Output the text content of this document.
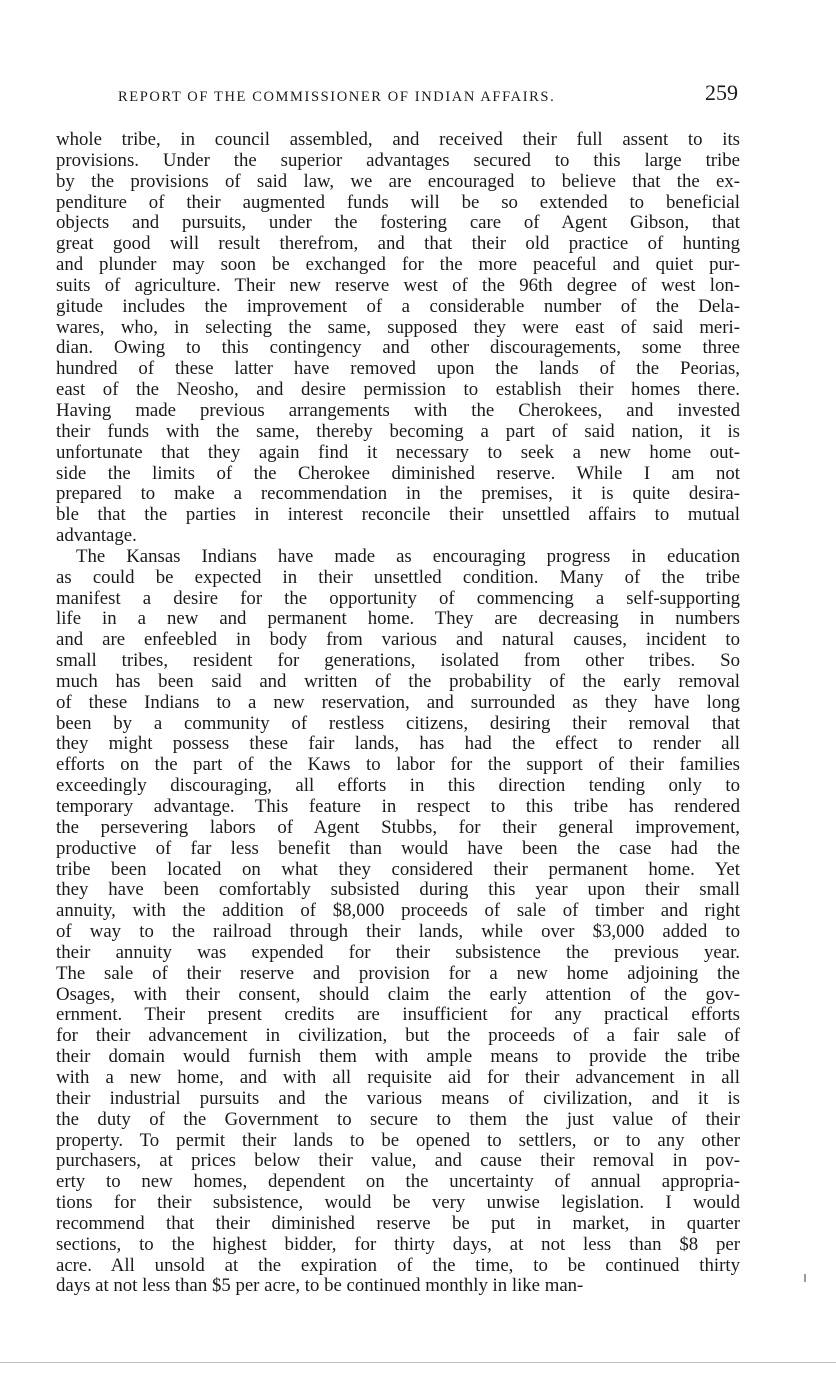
REPORT OF THE COMMISSIONER OF INDIAN AFFAIRS.	259
whole tribe, in council assembled, and received their full assent to its
provisions. Under the superior advantages secured to this large tribe
by the provisions of said law, we are encouraged to believe that the ex-
penditure of their augmented funds will be so extended to beneficial
objects and pursuits, under the fostering care of Agent Gibson, that
great good will result therefrom, and that their old practice of hunting
and plunder may soon be exchanged for the more peaceful and quiet pur-
suits of agriculture. Their new reserve west of the 96th degree of west lon-
gitude includes the improvement of a considerable number of the Dela-
wares, who, in selecting the same, supposed they were east of said meri-
dian. Owing to this contingency and other discouragements, some three
hundred of these latter have removed upon the lands of the Peorias,
east of the Neosho, and desire permission to establish their homes there.
Having made previous arrangements with the Cherokees, and invested
their funds with the same, thereby becoming a part of said nation, it is
unfortunate that they again find it necessary to seek a new home out-
side the limits of the Cherokee diminished reserve. While I am not
prepared to make a recommendation in the premises, it is quite desira-
ble that the parties in interest reconcile their unsettled affairs to mutual
advantage.
The Kansas Indians have made as encouraging progress in education
as could be expected in their unsettled condition. Many of the tribe
manifest a desire for the opportunity of commencing a self-supporting
life in a new and permanent home. They are decreasing in numbers
and are enfeebled in body from various and natural causes, incident to
small tribes, resident for generations, isolated from other tribes. So
much has been said and written of the probability of the early removal
of these Indians to a new reservation, and surrounded as they have long
been by a community of restless citizens, desiring their removal that
they might possess these fair lands, has had the effect to render all
efforts on the part of the Kaws to labor for the support of their families
exceedingly discouraging, all efforts in this direction tending only to
temporary advantage. This feature in respect to this tribe has rendered
the persevering labors of Agent Stubbs, for their general improvement,
productive of far less benefit than would have been the case had the
tribe been located on what they considered their permanent home. Yet
they have been comfortably subsisted during this year upon their small
annuity, with the addition of $8,000 proceeds of sale of timber and right
of way to the railroad through their lands, while over $3,000 added to
their annuity was expended for their subsistence the previous year.
The sale of their reserve and provision for a new home adjoining the
Osages, with their consent, should claim the early attention of the gov-
ernment. Their present credits are insufficient for any practical efforts
for their advancement in civilization, but the proceeds of a fair sale of
their domain would furnish them with ample means to provide the tribe
with a new home, and with all requisite aid for their advancement in all
their industrial pursuits and the various means of civilization, and it is
the duty of the Government to secure to them the just value of their
property. To permit their lands to be opened to settlers, or to any other
purchasers, at prices below their value, and cause their removal in pov-
erty to new homes, dependent on the uncertainty of annual appropria-
tions for their subsistence, would be very unwise legislation. I would
recommend that their diminished reserve be put in market, in quarter
sections, to the highest bidder, for thirty days, at not less than $8 per
acre. All unsold at the expiration of the time, to be continued thirty
days at not less than $5 per acre, to be continued monthly in like man-
